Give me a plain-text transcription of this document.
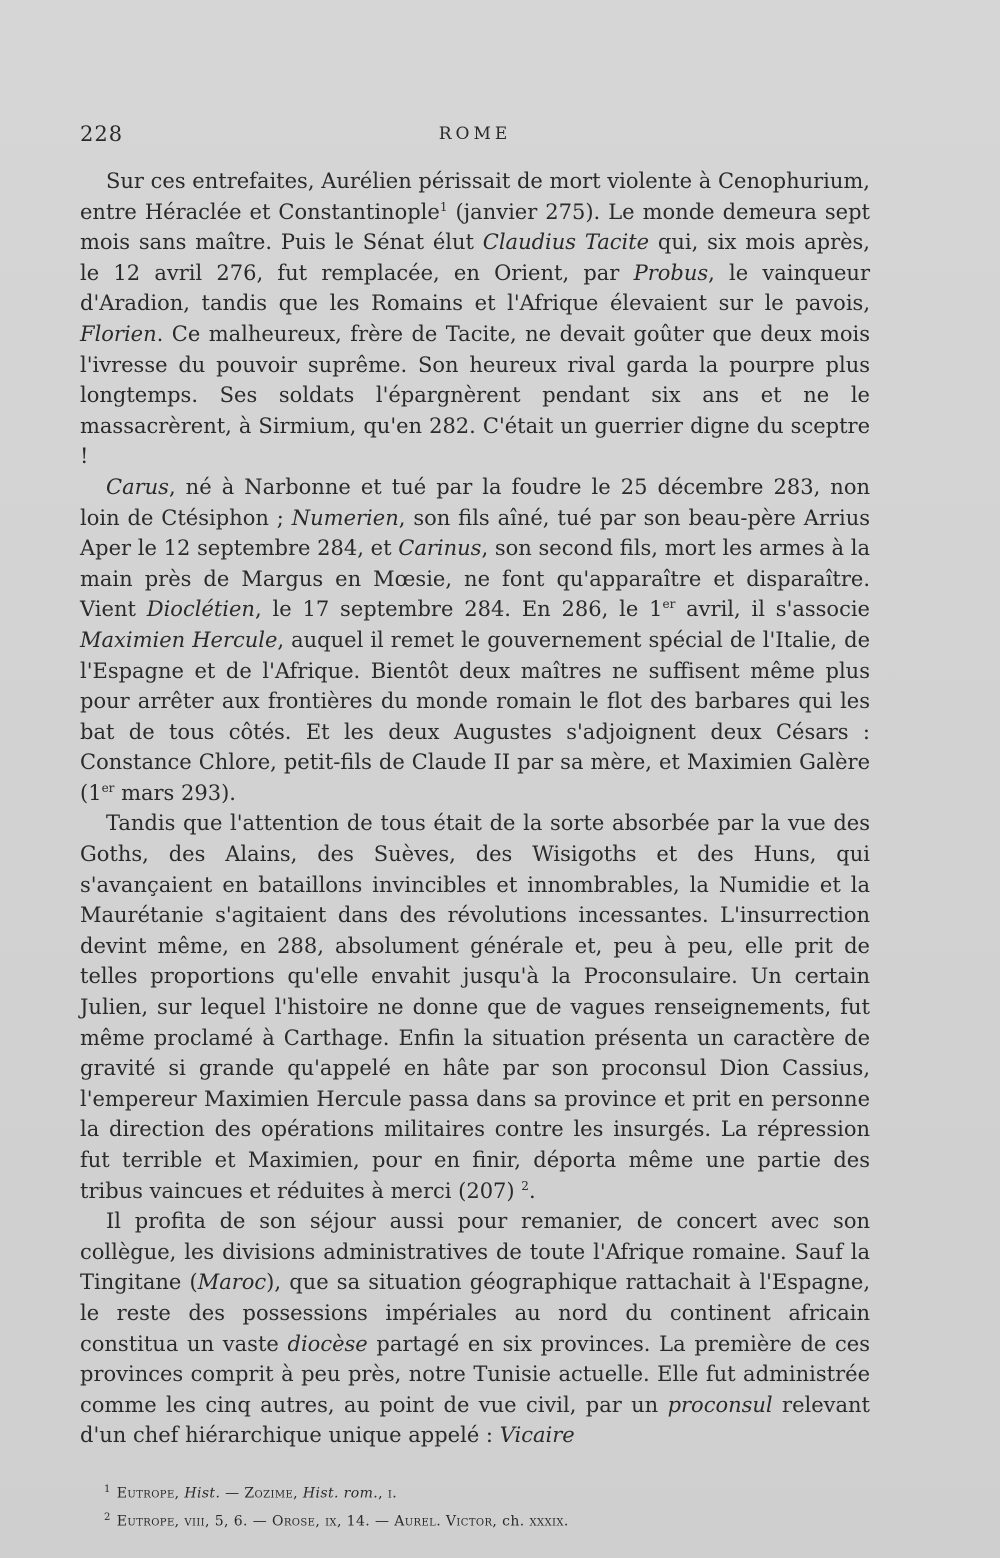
228	ROME

Sur ces entrefaites, Aurélien périssait de mort violente à Cenophurium, entre Héraclée et Constantinople$^1$ (janvier 275). Le monde demeura sept mois sans maître. Puis le Sénat élut Claudius Tacite qui, six mois après, le 12 avril 276, fut remplacée, en Orient, par Probus, le vainqueur d'Aradion, tandis que les Romains et l'Afrique élevaient sur le pavois, Florien. Ce malheureux, frère de Tacite, ne devait goûter que deux mois l'ivresse du pouvoir suprême. Son heureux rival garda la pourpre plus longtemps. Ses soldats l'épargnèrent pendant six ans et ne le massacrèrent, à Sirmium, qu'en 282. C'était un guerrier digne du sceptre !

Carus, né à Narbonne et tué par la foudre le 25 décembre 283, non loin de Ctésiphon ; Numerien, son fils aîné, tué par son beau-père Arrius Aper le 12 septembre 284, et Carinus, son second fils, mort les armes à la main près de Margus en Mœsie, ne font qu'apparaître et disparaître. Vient Dioclétien, le 17 septembre 284. En 286, le 1er avril, il s'associe Maximien Hercule, auquel il remet le gouvernement spécial de l'Italie, de l'Espagne et de l'Afrique. Bientôt deux maîtres ne suffisent même plus pour arrêter aux frontières du monde romain le flot des barbares qui les bat de tous côtés. Et les deux Augustes s'adjoignent deux Césars : Constance Chlore, petit-fils de Claude II par sa mère, et Maximien Galère (1er mars 293).

Tandis que l'attention de tous était de la sorte absorbée par la vue des Goths, des Alains, des Suèves, des Wisigoths et des Huns, qui s'avançaient en bataillons invincibles et innombrables, la Numidie et la Maurétanie s'agitaient dans des révolutions incessantes. L'insurrection devint même, en 288, absolument générale et, peu à peu, elle prit de telles proportions qu'elle envahit jusqu'à la Proconsulaire. Un certain Julien, sur lequel l'histoire ne donne que de vagues renseignements, fut même proclamé à Carthage. Enfin la situation présenta un caractère de gravité si grande qu'appelé en hâte par son proconsul Dion Cassius, l'empereur Maximien Hercule passa dans sa province et prit en personne la direction des opérations militaires contre les insurgés. La répression fut terrible et Maximien, pour en finir, déporta même une partie des tribus vaincues et réduites à merci (207) $^2$.

Il profita de son séjour aussi pour remanier, de concert avec son collègue, les divisions administratives de toute l'Afrique romaine. Sauf la Tingitane (Maroc), que sa situation géographique rattachait à l'Espagne, le reste des possessions impériales au nord du continent africain constitua un vaste diocèse partagé en six provinces. La première de ces provinces comprit à peu près, notre Tunisie actuelle. Elle fut administrée comme les cinq autres, au point de vue civil, par un proconsul relevant d'un chef hiérarchique unique appelé : Vicaire

$^1$ Eutrope, Hist. — Zozime, Hist. rom., i.
$^2$ Eutrope, viii, 5, 6. — Orose, ix, 14. — Aurel. Victor, ch. xxxix.
